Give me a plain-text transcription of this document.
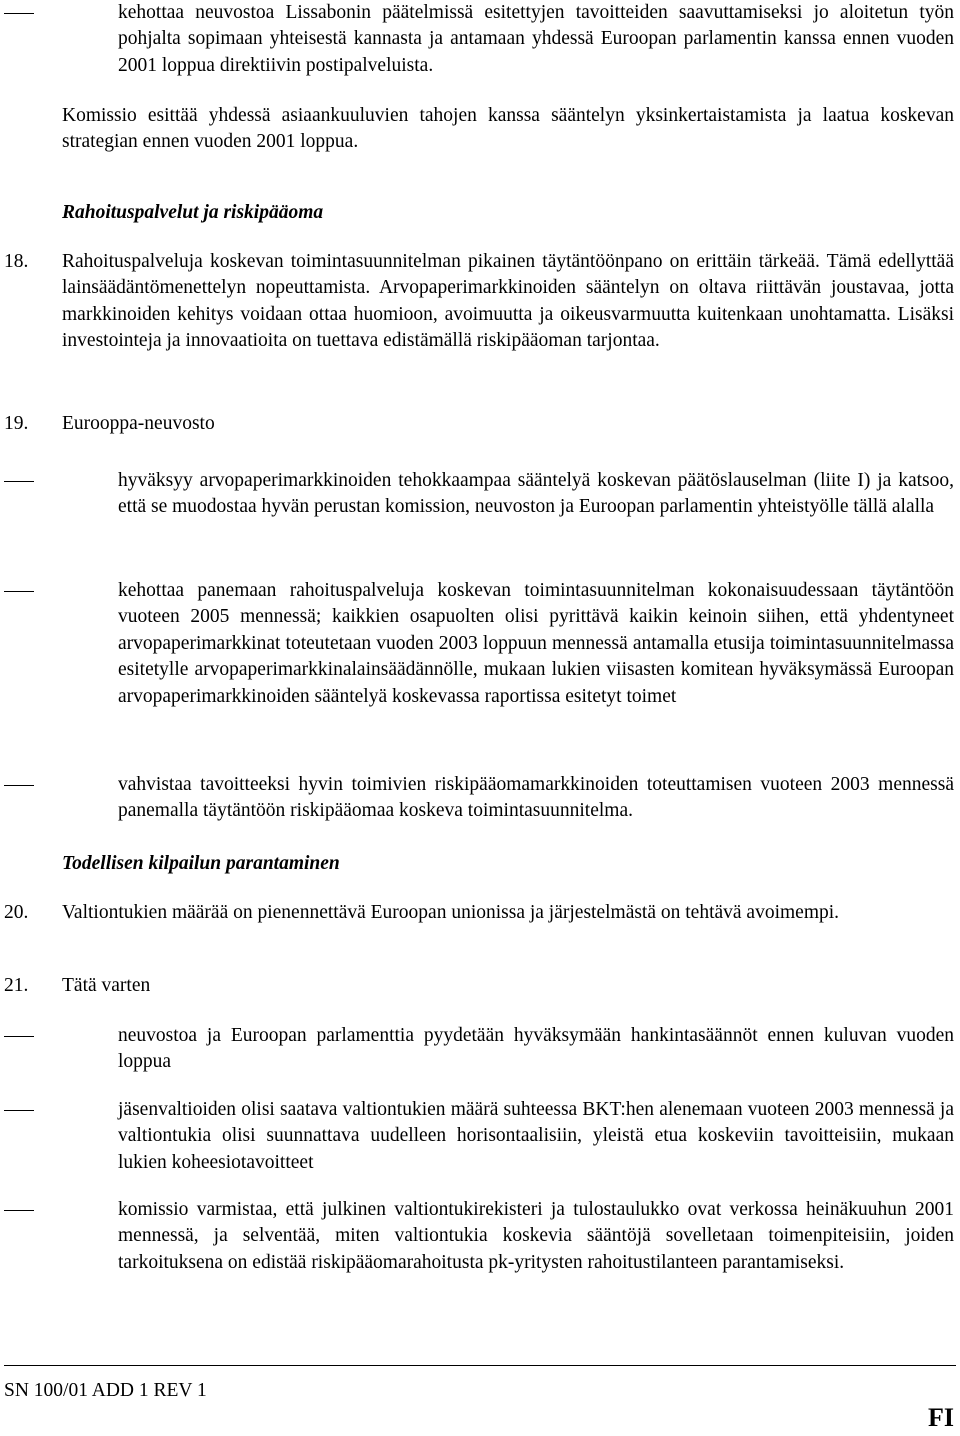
kehottaa neuvostoa Lissabonin päätelmissä esitettyjen tavoitteiden saavuttamiseksi jo aloitetun työn pohjalta sopimaan yhteisestä kannasta ja antamaan yhdessä Euroopan parlamentin kanssa ennen vuoden 2001 loppua direktiivin postipalveluista.

Komissio esittää yhdessä asiaankuuluvien tahojen kanssa sääntelyn yksinkertaistamista ja laatua koskevan strategian ennen vuoden 2001 loppua.

Rahoituspalvelut ja riskipääoma

18. Rahoituspalveluja koskevan toimintasuunnitelman pikainen täytäntöönpano on erittäin tärkeää. Tämä edellyttää lainsäädäntömenettelyn nopeuttamista. Arvopaperimarkkinoiden sääntelyn on oltava riittävän joustavaa, jotta markkinoiden kehitys voidaan ottaa huomioon, avoimuutta ja oikeusvarmuutta kuitenkaan unohtamatta. Lisäksi investointeja ja innovaatioita on tuettava edistämällä riskipääoman tarjontaa.

19. Eurooppa-neuvosto

hyväksyy arvopaperimarkkinoiden tehokkaampaa sääntelyä koskevan päätöslauselman (liite I) ja katsoo, että se muodostaa hyvän perustan komission, neuvoston ja Euroopan parlamentin yhteistyölle tällä alalla

kehottaa panemaan rahoituspalveluja koskevan toimintasuunnitelman kokonaisuudessaan täytäntöön vuoteen 2005 mennessä; kaikkien osapuolten olisi pyrittävä kaikin keinoin siihen, että yhdentyneet arvopaperimarkkinat toteutetaan vuoden 2003 loppuun mennessä antamalla etusija toimintasuunnitelmassa esitetylle arvopaperimarkkinalainsäädännölle, mukaan lukien viisasten komitean hyväksymässä Euroopan arvopaperimarkkinoiden sääntelyä koskevassa raportissa esitetyt toimet

vahvistaa tavoitteeksi hyvin toimivien riskipääomamarkkinoiden toteuttamisen vuoteen 2003 mennessä panemalla täytäntöön riskipääomaa koskeva toimintasuunnitelma.

Todellisen kilpailun parantaminen

20. Valtiontukien määrää on pienennettävä Euroopan unionissa ja järjestelmästä on tehtävä avoimempi.

21. Tätä varten

neuvostoa ja Euroopan parlamenttia pyydetään hyväksymään hankintasäännöt ennen kuluvan vuoden loppua

jäsenvaltioiden olisi saatava valtiontukien määrä suhteessa BKT:hen alenemaan vuoteen 2003 mennessä ja valtiontukia olisi suunnattava uudelleen horisontaalisiin, yleistä etua koskeviin tavoitteisiin, mukaan lukien koheesiotavoitteet

komissio varmistaa, että julkinen valtiontukirekisteri ja tulostaulukko ovat verkossa heinäkuuhun 2001 mennessä, ja selventää, miten valtiontukia koskevia sääntöjä sovelletaan toimenpiteisiin, joiden tarkoituksena on edistää riskipääomarahoitusta pk-yritysten rahoitustilanteen parantamiseksi.

SN 100/01 ADD 1 REV 1

FI
